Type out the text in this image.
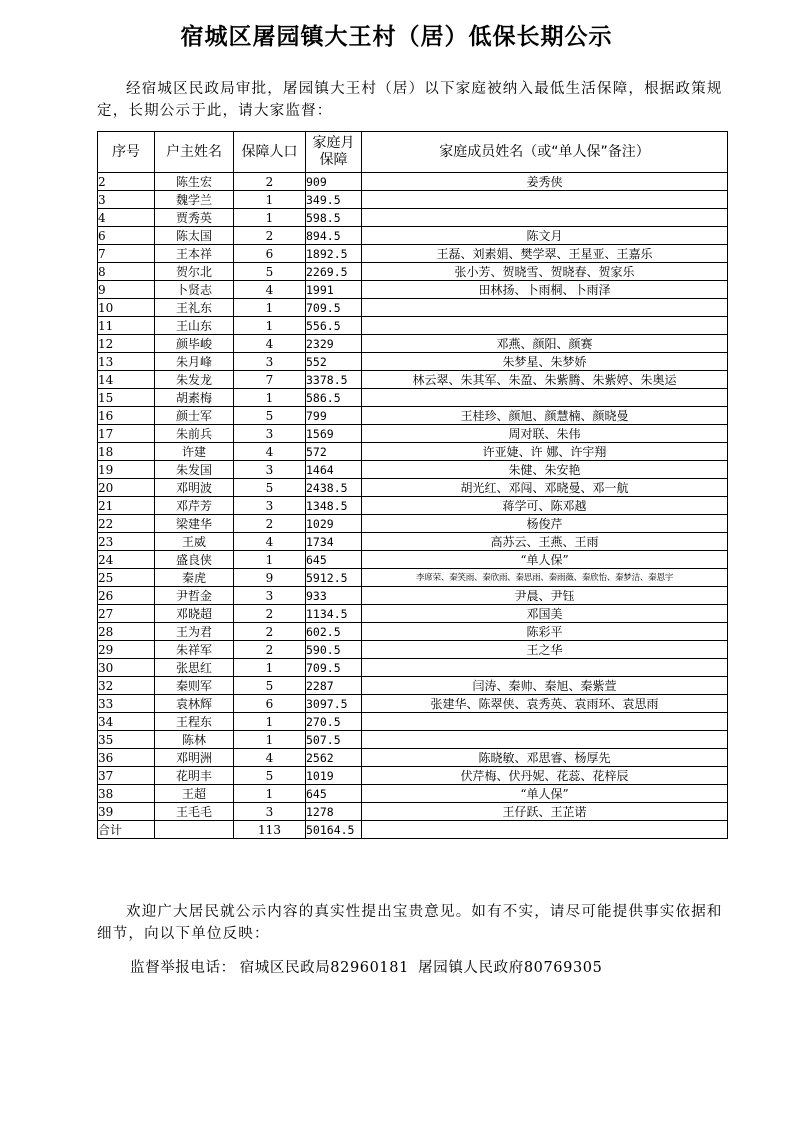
宿城区屠园镇大王村（居）低保长期公示

经宿城区民政局审批，屠园镇大王村（居）以下家庭被纳入最低生活保障，根据政策规定，长期公示于此，请大家监督：

序号	户主姓名	保障人口	家庭月保障	家庭成员姓名（或“单人保”备注）
2	陈生宏	2	909	姜秀侠
3	魏学兰	1	349.5	
4	贾秀英	1	598.5	
6	陈太国	2	894.5	陈文月
7	王本祥	6	1892.5	王磊、刘素娟、樊学翠、王星亚、王嘉乐
8	贺尔北	5	2269.5	张小芳、贺晓雪、贺晓春、贺家乐
9	卜贤志	4	1991	田林扬、卜雨桐、卜雨泽
10	王礼东	1	709.5	
11	王山东	1	556.5	
12	颜毕峻	4	2329	邓燕、颜阳、颜赛
13	朱月峰	3	552	朱梦星、朱梦娇
14	朱发龙	7	3378.5	林云翠、朱其军、朱盈、朱紫腾、朱紫婷、朱奥运
15	胡素梅	1	586.5	
16	颜士军	5	799	王桂珍、颜旭、颜慧楠、颜晓曼
17	朱前兵	3	1569	周对联、朱伟
18	许建	4	572	许亚婕、许 娜、许宇翔
19	朱发国	3	1464	朱健、朱安艳
20	邓明波	5	2438.5	胡光红、邓闯、邓晓曼、邓一航
21	邓芹芳	3	1348.5	蒋学可、陈邓越
22	梁建华	2	1029	杨俊芹
23	王威	4	1734	高苏云、王燕、王雨
24	盛良侠	1	645	“单人保”
25	秦虎	9	5912.5	李席荣、秦笑雨、秦欣雨、秦思雨、秦雨薇、秦欣怡、秦梦洁、秦恩宇
26	尹哲金	3	933	尹晨、尹钰
27	邓晓超	2	1134.5	邓国美
28	王为君	2	602.5	陈彩平
29	朱祥军	2	590.5	王之华
30	张思红	1	709.5	
32	秦则军	5	2287	闫涛、秦帅、秦旭、秦紫萱
33	袁林辉	6	3097.5	张建华、陈翠侠、袁秀英、袁雨环、袁思雨
34	王程东	1	270.5	
35	陈林	1	507.5	
36	邓明洲	4	2562	陈晓敏、邓思睿、杨厚先
37	花明丰	5	1019	伏芹梅、伏丹妮、花蕊、花梓辰
38	王超	1	645	“单人保”
39	王毛毛	3	1278	王仔跃、王芷诺
合计		113	50164.5	

欢迎广大居民就公示内容的真实性提出宝贵意见。如有不实，请尽可能提供事实依据和细节，向以下单位反映：

监督举报电话： 宿城区民政局82960181 屠园镇人民政府80769305
